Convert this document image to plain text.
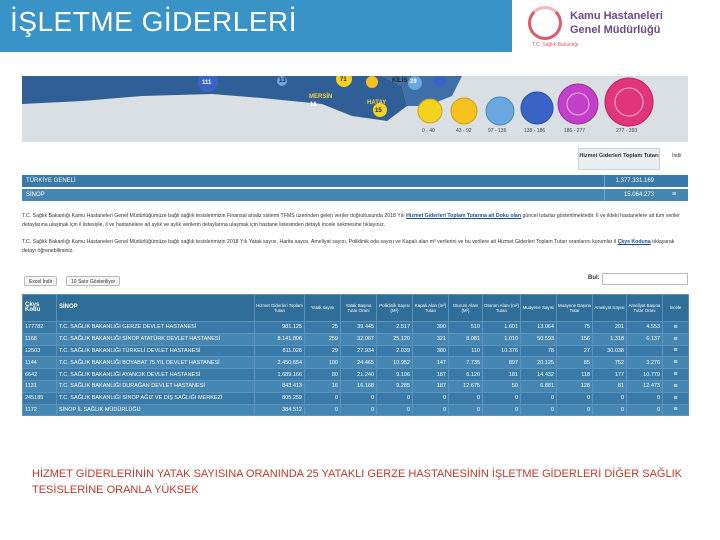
İŞLETME GİDERLERİ	Kamu Hastaneleri
Genel Müdürlüğü
T.C. Sağlık Bakanlığı
111	13	71
MERSİN
16
KİLİS 29
HATAY
15
0 - 40	43 - 92	97 - 136	138 - 186	186 - 277	277 - 393
Hizmet Giderleri Toplam Tutarı	İndir
TÜRKİYE GENELİ	1.377.331.169
SİNOP	15.064.273	≡
T.C. Sağlık Bakanlığı Kamu Hastaneleri Genel Müdürlüğümüze bağlı sağlık tesislerimizin Finansal analiz sistemi TFMS üzerinden gelen veriler doğrultusunda 2018 Yılı Hizmet Giderleri Toplam Tutarına ait Doku olan güncel tutarlar gösterilmektedir. İl ve ildeki hastanelere ait tüm veriler detaylarına ulaşmak için il listesiyle, il ve hastanelere ait aylık ve aylık verilerin detaylarına ulaşmak için hastane listesinden detaylı incele sekmesine tıklayınız.
T.C. Sağlık Bakanlığı Kamu Hastaneleri Genel Müdürlüğümüze bağlı sağlık tesislerimizin 2018 Yılı Yatak sayısı, Harita sayısı, Ameliyat sayısı, Poliklinik oda sayısı ve Kapalı alan m² verilerini ve bu verilere ait Hizmet Giderleri Toplam Tutarı oranlarını kurumlar il Çkys Koduna tıklayarak detayı öğrenebilirsiniz.
Excel İndir	10 Satır Gösteriliyor
Bul:
Çkys Kodu	SİNOP	Hizmet Giderleri Toplam Tutarı	Yatak sayısı	Yatak Başına Tutar Oranı	Poliklinik Sayısı (M²)	Kapalı Alan (m²) Tutarı	Oturum Alanı (M²)	Oturum Alanı (m²) Tutarı	Muayene Sayısı	Muayene Başına Tutar	Ameliyat Sayısı	Ameliyat Başına Tutar Oranı	İncele
177782	T.C. SAĞLIK BAKANLIĞI GERZE DEVLET HASTANESİ	981.125	25	39.445	2.517	390	510	1.601	13.064	75	201	4.553	≡
1168	T.C. SAĞLIK BAKANLIĞI SİNOP ATATÜRK DEVLET HASTANESİ	8.141.806	259	32.067	25.120	321	8.081	1.010	50.593	156	1.318	6.137	≡
12503	T.C. SAĞLIK BAKANLIĞI TÜRKELİ DEVLET HASTANESİ	811.028	29	27.934	2.039	380	110	10.376	78	27	30.038		≡
1144	T.C. SAĞLIK BAKANLIĞI BOYABAT 75.YIL DEVLET HASTANESİ	2.450.654	100	24.465	10.952	147	7.735	897	20.125	85	752	3.276	≡
6642	T.C. SAĞLIK BAKANLIĞI AYANCIK DEVLET HASTANESİ	1.689.166	80	21.240	9.106	187	6.120	181	14.432	118	177	10.779	≡
1131	T.C. SAĞLIK BAKANLIĞI DURAĞAN DEVLET HASTANESİ	843.413	16	16.168	9.285	187	12.675	50	6.881	128	81	12.473	≡
245185	T.C. SAĞLIK BAKANLIĞI SİNOP AĞIZ VE DİŞ SAĞLIĞI MERKEZİ	805.259	0	0	0	0	0	0	0	0	0	0	≡
1172	SİNOP İL SAĞLIK MÜDÜRLÜĞÜ	384.512	0	0	0	0	0	0	0	0	0	0	≡
HİZMET GİDERLERİNİN YATAK SAYISINA ORANINDA 25 YATAKLI GERZE HASTANESİNİN İŞLETME GİDERLERİ DİĞER SAĞLIK TESİSLERİNE ORANLA YÜKSEK
